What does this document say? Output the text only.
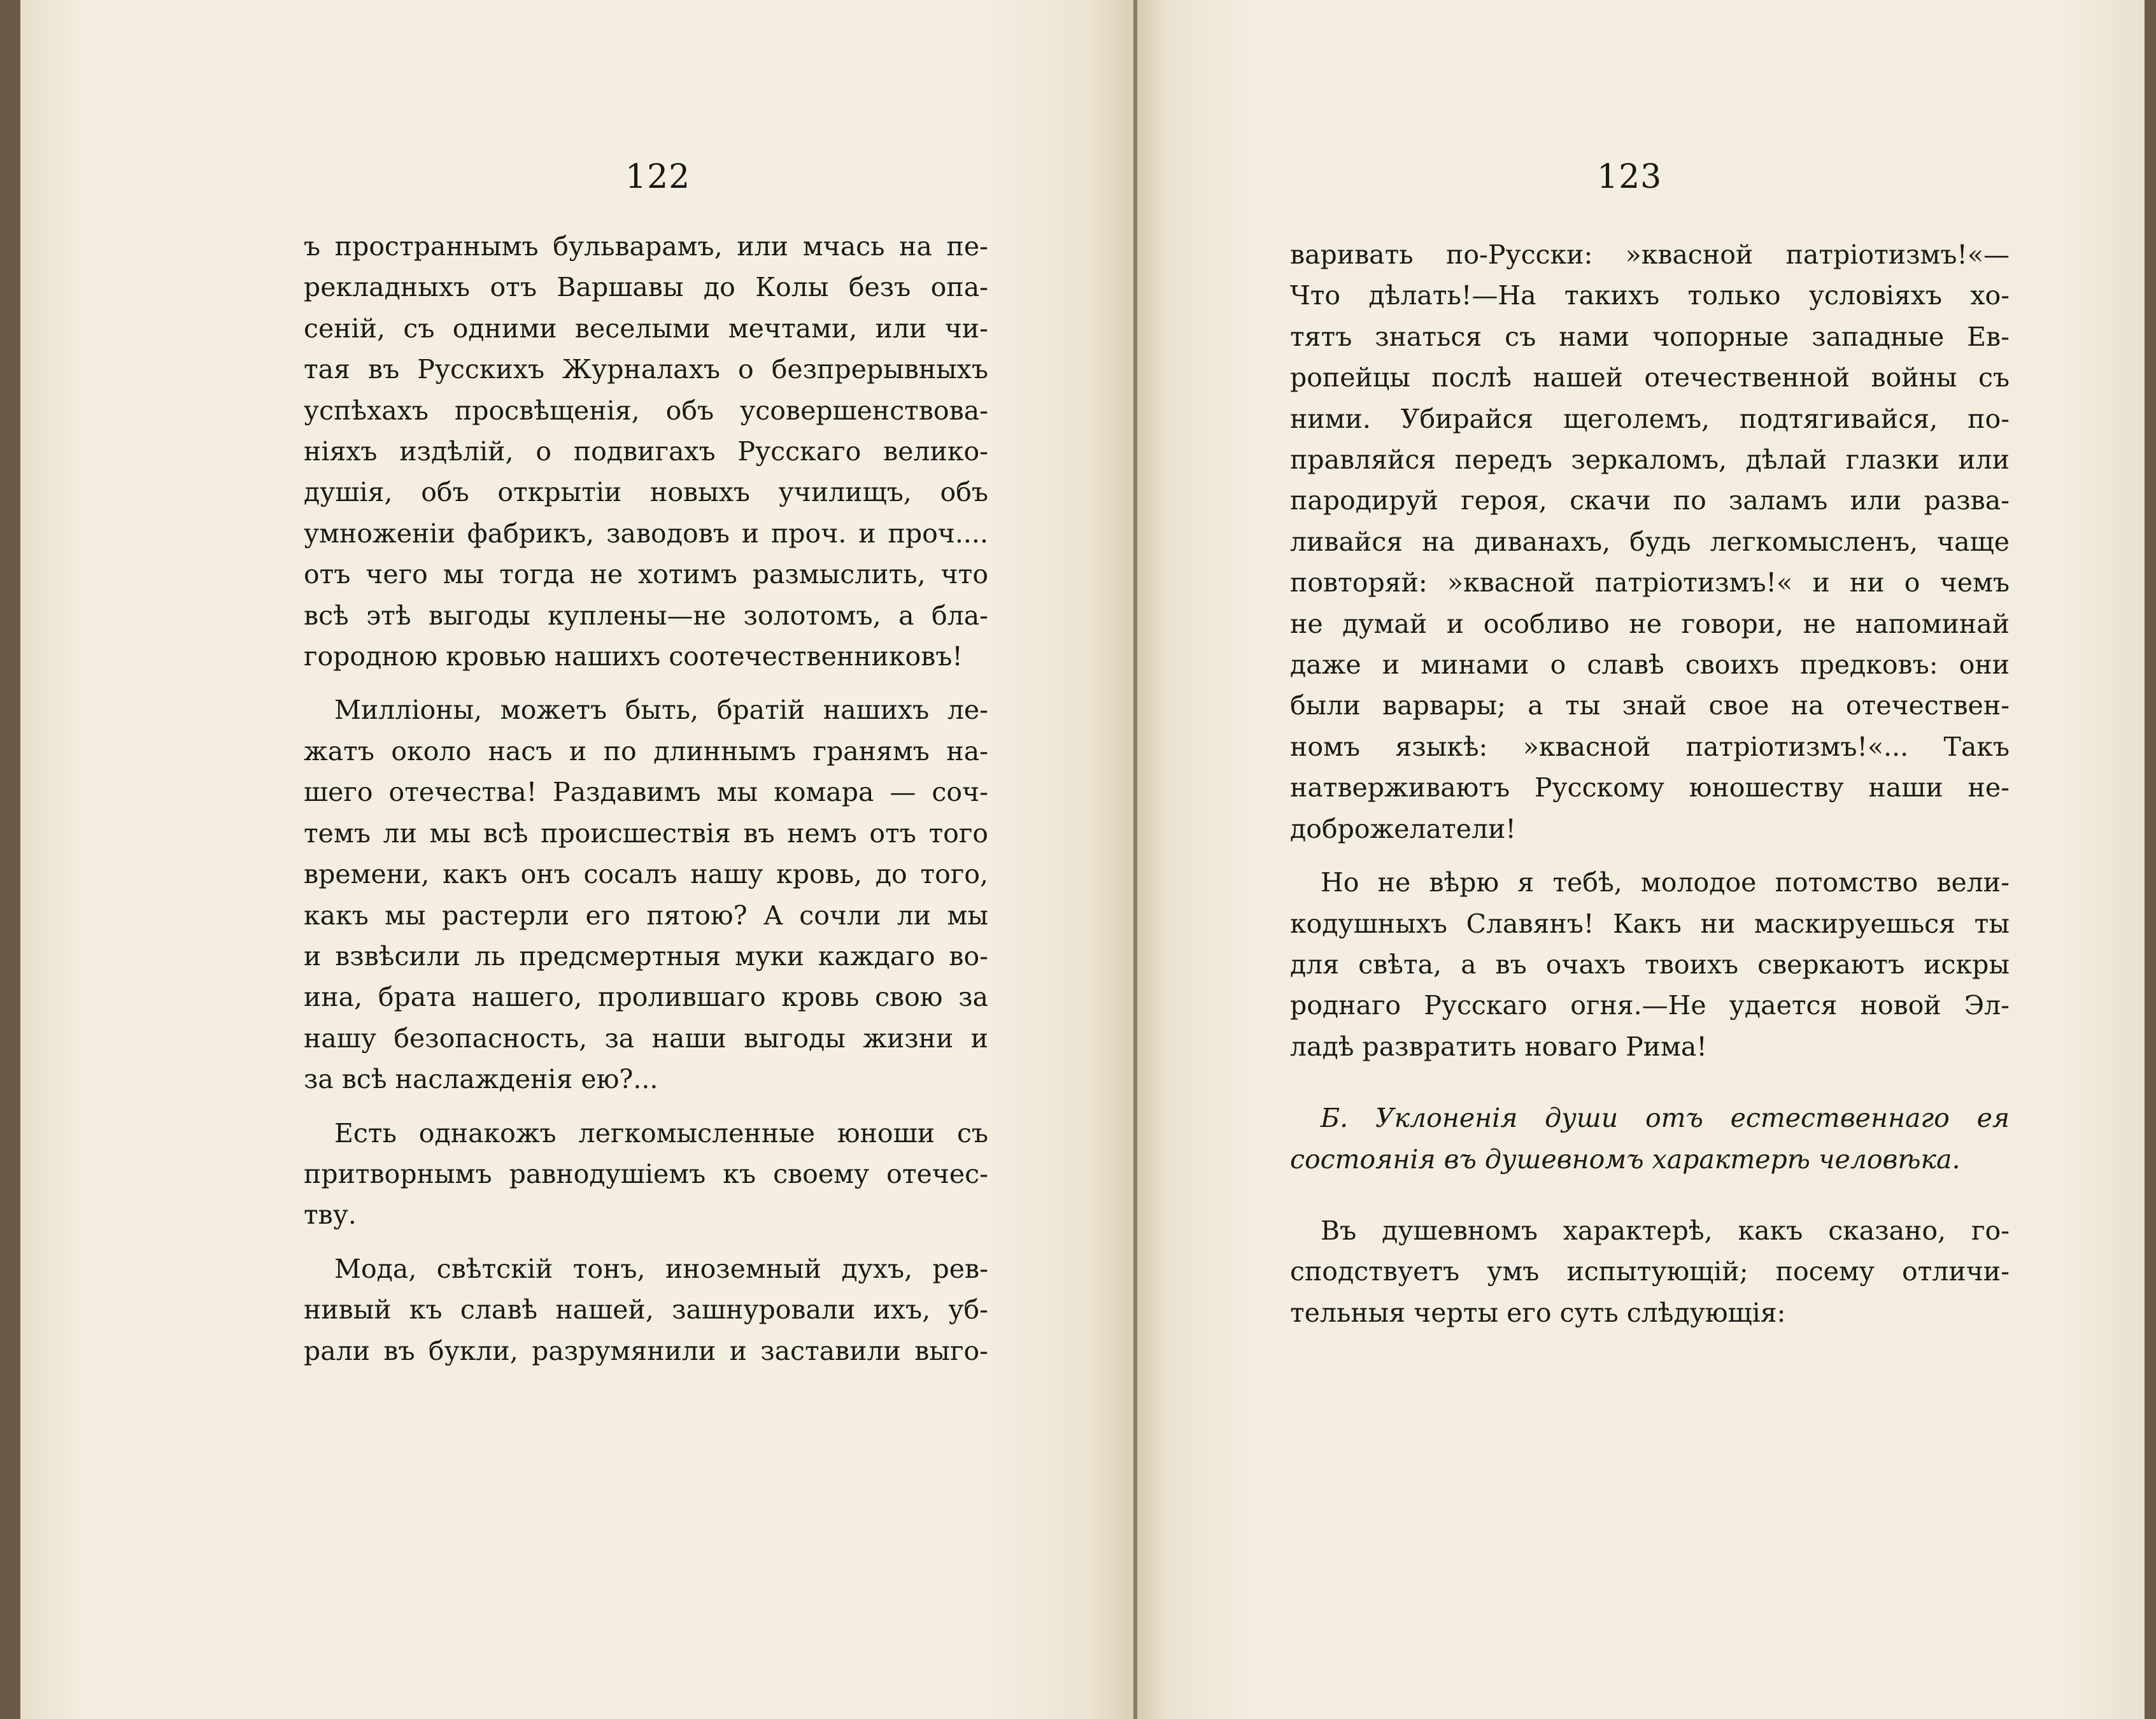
122
ъ пространнымъ бульварамъ, или мчась на пе-
рекладныхъ отъ Варшавы до Колы безъ опа-
сеній, съ одними веселыми мечтами, или чи-
тая въ Русскихъ Журналахъ о безпрерывныхъ
успѣхахъ просвѣщенія, объ усовершенствова-
ніяхъ издѣлій, о подвигахъ Русскаго велико-
душія, объ открытіи новыхъ училищъ, объ
умноженіи фабрикъ, заводовъ и проч. и проч....
отъ чего мы тогда не хотимъ размыслить, что
всѣ этѣ выгоды куплены—не золотомъ, а бла-
городною кровью нашихъ соотечественниковъ!
Милліоны, можетъ быть, братій нашихъ ле-
жатъ около насъ и по длиннымъ гранямъ на-
шего отечества! Раздавимъ мы комара — соч-
темъ ли мы всѣ происшествія въ немъ отъ того
времени, какъ онъ сосалъ нашу кровь, до того,
какъ мы растерли его пятою? А сочли ли мы
и взвѣсили ль предсмертныя муки каждаго во-
ина, брата нашего, пролившаго кровь свою за
нашу безопасность, за наши выгоды жизни и
за всѣ наслажденія ею?...
Есть однакожъ легкомысленные юноши съ
притворнымъ равнодушіемъ къ своему отечес-
тву.
Мода, свѣтскій тонъ, иноземный духъ, рев-
нивый къ славѣ нашей, зашнуровали ихъ, уб-
рали въ букли, разрумянили и заставили выго-
123
варивать по-Русски: »квасной патріотизмъ!«—
Что дѣлать!—На такихъ только условіяхъ хо-
тятъ знаться съ нами чопорные западные Ев-
ропейцы послѣ нашей отечественной войны съ
ними. Убирайся щеголемъ, подтягивайся, по-
правляйся передъ зеркаломъ, дѣлай глазки или
пародируй героя, скачи по заламъ или разва-
ливайся на диванахъ, будь легкомысленъ, чаще
повторяй: »квасной патріотизмъ!« и ни о чемъ
не думай и особливо не говори, не напоминай
даже и минами о славѣ своихъ предковъ: они
были варвары; а ты знай свое на отечествен-
номъ языкѣ: »квасной патріотизмъ!«... Такъ
натверживаютъ Русскому юношеству наши не-
доброжелатели!
Но не вѣрю я тебѣ, молодое потомство вели-
кодушныхъ Славянъ! Какъ ни маскируешься ты
для свѣта, а въ очахъ твоихъ сверкаютъ искры
роднаго Русскаго огня.—Не удается новой Эл-
ладѣ развратить новаго Рима!
Б. Уклоненія души отъ естественнаго ея
состоянія въ душевномъ характерѣ человѣка.
Въ душевномъ характерѣ, какъ сказано, го-
сподствуетъ умъ испытующій; посему отличи-
тельныя черты его суть слѣдующія:
